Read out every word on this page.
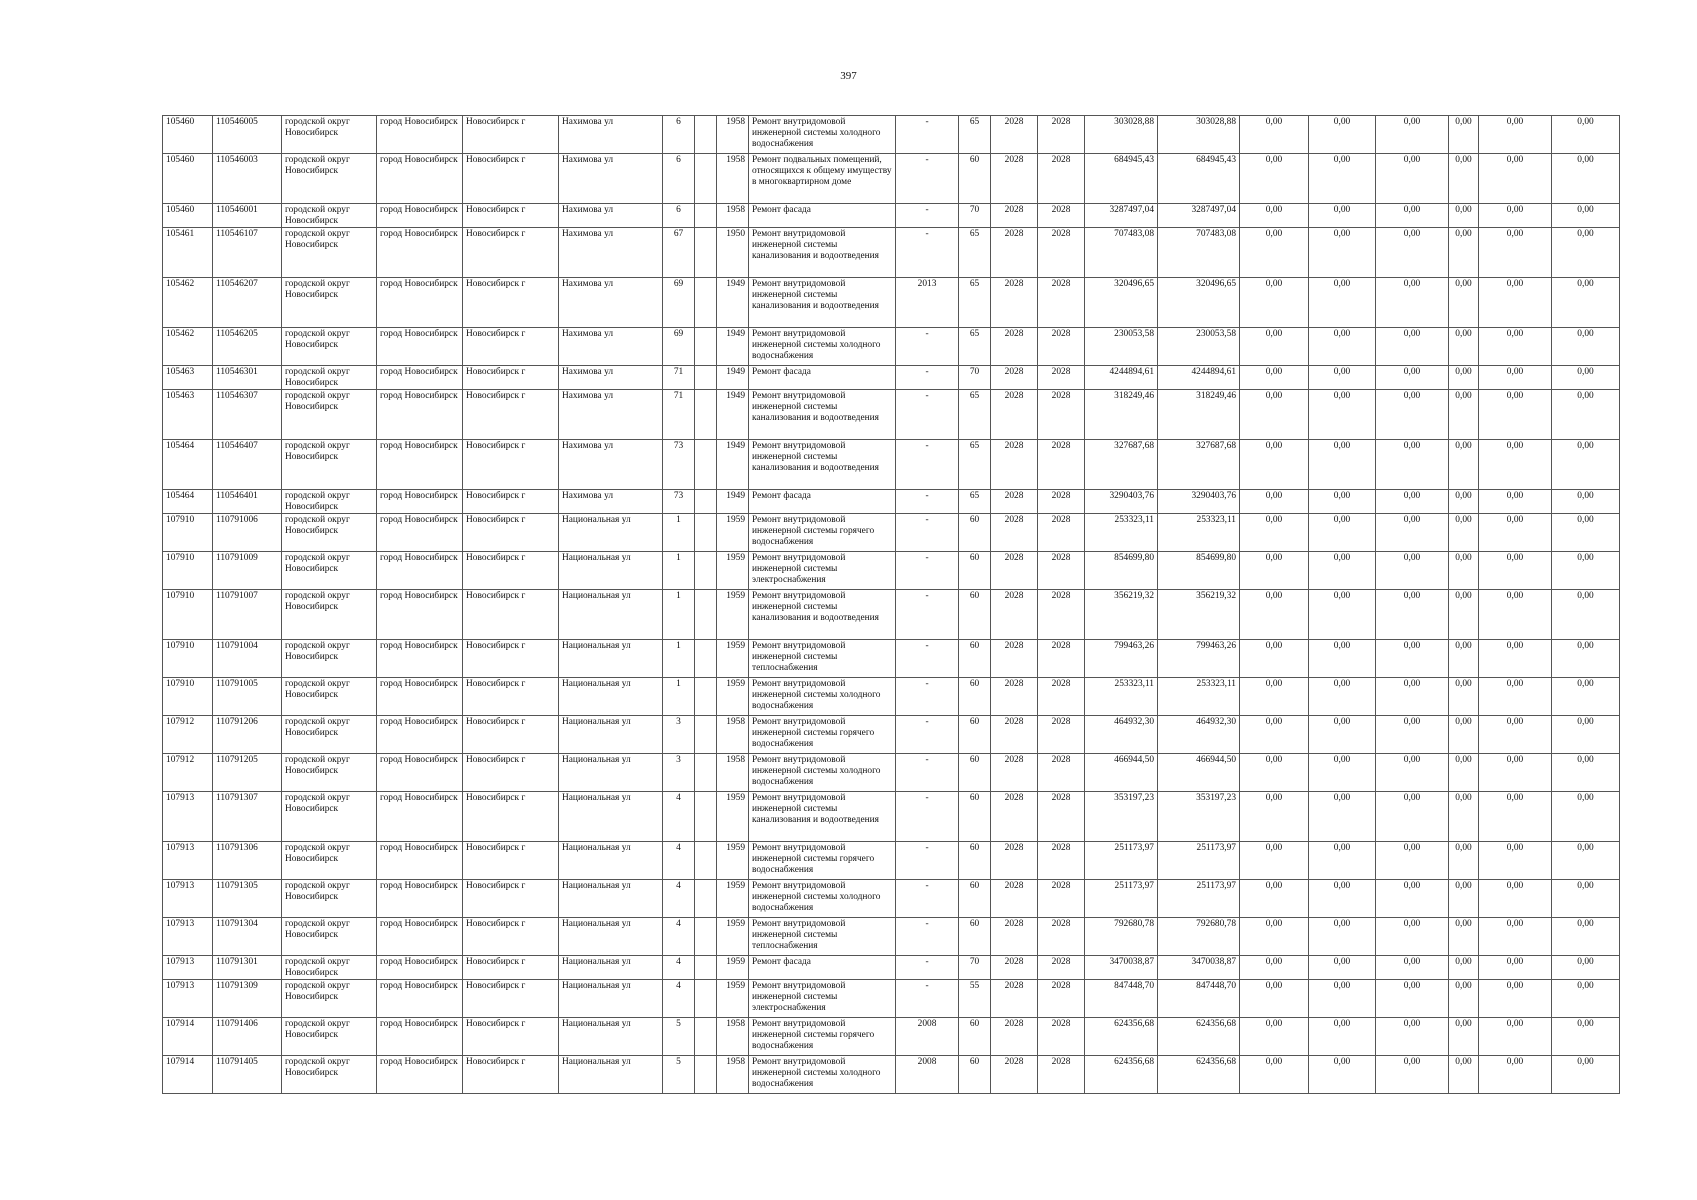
397
105460	110546005	городской округ Новосибирск	город Новосибирск	Новосибирск г	Нахимова ул	6		1958	Ремонт внутридомовой инженерной системы холодного водоснабжения	-	65	2028	2028	303028,88	303028,88	0,00	0,00	0,00	0,00	0,00	0,00
105460	110546003	городской округ Новосибирск	город Новосибирск	Новосибирск г	Нахимова ул	6		1958	Ремонт подвальных помещений, относящихся к общему имуществу в многоквартирном доме	-	60	2028	2028	684945,43	684945,43	0,00	0,00	0,00	0,00	0,00	0,00
105460	110546001	городской округ Новосибирск	город Новосибирск	Новосибирск г	Нахимова ул	6		1958	Ремонт фасада	-	70	2028	2028	3287497,04	3287497,04	0,00	0,00	0,00	0,00	0,00	0,00
105461	110546107	городской округ Новосибирск	город Новосибирск	Новосибирск г	Нахимова ул	67		1950	Ремонт внутридомовой инженерной системы канализования и водоотведения	-	65	2028	2028	707483,08	707483,08	0,00	0,00	0,00	0,00	0,00	0,00
105462	110546207	городской округ Новосибирск	город Новосибирск	Новосибирск г	Нахимова ул	69		1949	Ремонт внутридомовой инженерной системы канализования и водоотведения	2013	65	2028	2028	320496,65	320496,65	0,00	0,00	0,00	0,00	0,00	0,00
105462	110546205	городской округ Новосибирск	город Новосибирск	Новосибирск г	Нахимова ул	69		1949	Ремонт внутридомовой инженерной системы холодного водоснабжения	-	65	2028	2028	230053,58	230053,58	0,00	0,00	0,00	0,00	0,00	0,00
105463	110546301	городской округ Новосибирск	город Новосибирск	Новосибирск г	Нахимова ул	71		1949	Ремонт фасада	-	70	2028	2028	4244894,61	4244894,61	0,00	0,00	0,00	0,00	0,00	0,00
105463	110546307	городской округ Новосибирск	город Новосибирск	Новосибирск г	Нахимова ул	71		1949	Ремонт внутридомовой инженерной системы канализования и водоотведения	-	65	2028	2028	318249,46	318249,46	0,00	0,00	0,00	0,00	0,00	0,00
105464	110546407	городской округ Новосибирск	город Новосибирск	Новосибирск г	Нахимова ул	73		1949	Ремонт внутридомовой инженерной системы канализования и водоотведения	-	65	2028	2028	327687,68	327687,68	0,00	0,00	0,00	0,00	0,00	0,00
105464	110546401	городской округ Новосибирск	город Новосибирск	Новосибирск г	Нахимова ул	73		1949	Ремонт фасада	-	65	2028	2028	3290403,76	3290403,76	0,00	0,00	0,00	0,00	0,00	0,00
107910	110791006	городской округ Новосибирск	город Новосибирск	Новосибирск г	Национальная ул	1		1959	Ремонт внутридомовой инженерной системы горячего водоснабжения	-	60	2028	2028	253323,11	253323,11	0,00	0,00	0,00	0,00	0,00	0,00
107910	110791009	городской округ Новосибирск	город Новосибирск	Новосибирск г	Национальная ул	1		1959	Ремонт внутридомовой инженерной системы электроснабжения	-	60	2028	2028	854699,80	854699,80	0,00	0,00	0,00	0,00	0,00	0,00
107910	110791007	городской округ Новосибирск	город Новосибирск	Новосибирск г	Национальная ул	1		1959	Ремонт внутридомовой инженерной системы канализования и водоотведения	-	60	2028	2028	356219,32	356219,32	0,00	0,00	0,00	0,00	0,00	0,00
107910	110791004	городской округ Новосибирск	город Новосибирск	Новосибирск г	Национальная ул	1		1959	Ремонт внутридомовой инженерной системы теплоснабжения	-	60	2028	2028	799463,26	799463,26	0,00	0,00	0,00	0,00	0,00	0,00
107910	110791005	городской округ Новосибирск	город Новосибирск	Новосибирск г	Национальная ул	1		1959	Ремонт внутридомовой инженерной системы холодного водоснабжения	-	60	2028	2028	253323,11	253323,11	0,00	0,00	0,00	0,00	0,00	0,00
107912	110791206	городской округ Новосибирск	город Новосибирск	Новосибирск г	Национальная ул	3		1958	Ремонт внутридомовой инженерной системы горячего водоснабжения	-	60	2028	2028	464932,30	464932,30	0,00	0,00	0,00	0,00	0,00	0,00
107912	110791205	городской округ Новосибирск	город Новосибирск	Новосибирск г	Национальная ул	3		1958	Ремонт внутридомовой инженерной системы холодного водоснабжения	-	60	2028	2028	466944,50	466944,50	0,00	0,00	0,00	0,00	0,00	0,00
107913	110791307	городской округ Новосибирск	город Новосибирск	Новосибирск г	Национальная ул	4		1959	Ремонт внутридомовой инженерной системы канализования и водоотведения	-	60	2028	2028	353197,23	353197,23	0,00	0,00	0,00	0,00	0,00	0,00
107913	110791306	городской округ Новосибирск	город Новосибирск	Новосибирск г	Национальная ул	4		1959	Ремонт внутридомовой инженерной системы горячего водоснабжения	-	60	2028	2028	251173,97	251173,97	0,00	0,00	0,00	0,00	0,00	0,00
107913	110791305	городской округ Новосибирск	город Новосибирск	Новосибирск г	Национальная ул	4		1959	Ремонт внутридомовой инженерной системы холодного водоснабжения	-	60	2028	2028	251173,97	251173,97	0,00	0,00	0,00	0,00	0,00	0,00
107913	110791304	городской округ Новосибирск	город Новосибирск	Новосибирск г	Национальная ул	4		1959	Ремонт внутридомовой инженерной системы теплоснабжения	-	60	2028	2028	792680,78	792680,78	0,00	0,00	0,00	0,00	0,00	0,00
107913	110791301	городской округ Новосибирск	город Новосибирск	Новосибирск г	Национальная ул	4		1959	Ремонт фасада	-	70	2028	2028	3470038,87	3470038,87	0,00	0,00	0,00	0,00	0,00	0,00
107913	110791309	городской округ Новосибирск	город Новосибирск	Новосибирск г	Национальная ул	4		1959	Ремонт внутридомовой инженерной системы электроснабжения	-	55	2028	2028	847448,70	847448,70	0,00	0,00	0,00	0,00	0,00	0,00
107914	110791406	городской округ Новосибирск	город Новосибирск	Новосибирск г	Национальная ул	5		1958	Ремонт внутридомовой инженерной системы горячего водоснабжения	2008	60	2028	2028	624356,68	624356,68	0,00	0,00	0,00	0,00	0,00	0,00
107914	110791405	городской округ Новосибирск	город Новосибирск	Новосибирск г	Национальная ул	5		1958	Ремонт внутридомовой инженерной системы холодного водоснабжения	2008	60	2028	2028	624356,68	624356,68	0,00	0,00	0,00	0,00	0,00	0,00
